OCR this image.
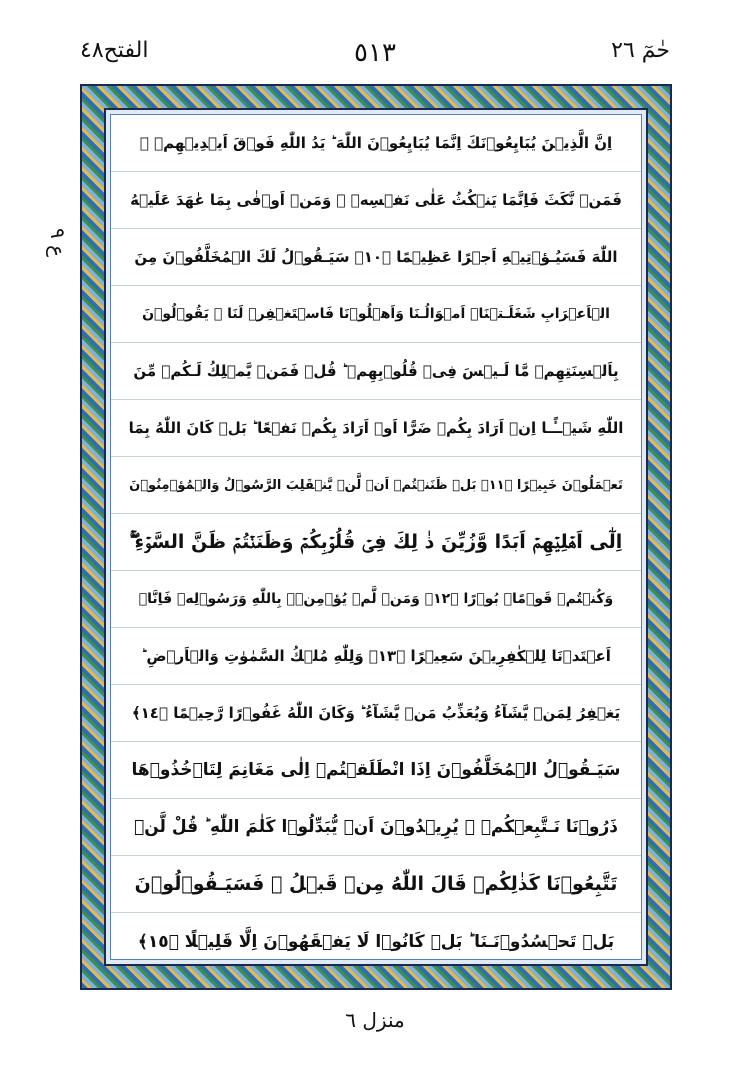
حٰمٓ ٢٦
٥١٣
الفتح٤٨
ع ٩
اِنَّ الَّذِيۡنَ يُبَايِعُوۡنَكَ اِنَّمَا يُبَايِعُوۡنَ اللّٰهَ ؕ يَدُ اللّٰهِ فَوۡقَ اَيۡدِيۡهِمۡ ۚ
فَمَنۡ نَّكَثَ فَاِنَّمَا يَنۡكُثُ عَلٰى نَفۡسِهٖ ۚ وَمَنۡ اَوۡفٰى بِمَا عٰهَدَ عَلَيۡهُ
اللّٰهَ فَسَيُـؤۡتِيۡهِ اَجۡرًا عَظِيۡمًا ﴿١٠﴾ سَيَـقُوۡلُ لَكَ الۡمُخَلَّفُوۡنَ مِنَ
الۡاَعۡرَابِ شَغَلَـتۡنَاۤ اَمۡوَالُـنَا وَاَهۡلُوۡنَا فَاسۡتَغۡفِرۡ لَنَا ۚ يَقُوۡلُوۡنَ
بِاَلۡسِنَتِهِمۡ مَّا لَـيۡسَ فِىۡ قُلُوۡبِهِمۡ ؕ قُلۡ فَمَنۡ يَّمۡلِكُ لَـكُمۡ مِّنَ
اللّٰهِ شَيۡــًٔـا اِنۡ اَرَادَ بِكُمۡ ضَرًّا اَوۡ اَرَادَ بِكُمۡ نَفۡعًا ؕ بَلۡ كَانَ اللّٰهُ بِمَا
تَعۡمَلُوۡنَ خَبِيۡرًا ﴿١١﴾ بَلۡ ظَنَنۡتُمۡ اَنۡ لَّنۡ يَّنۡقَلِبَ الرَّسُوۡلُ وَالۡمُؤۡمِنُوۡنَ
اِلٰٓى اَهۡلِيۡهِمۡ اَبَدًا وَّزُيِّنَ ذٰ لِكَ فِىۡ قُلُوۡبِكُمۡ وَظَنَنۡتُمۡ ظَنَّ السَّوۡءِ ۖۚ
وَكُنۡتُمۡ قَوۡمًاۢ بُوۡرًا ﴿١٢﴾ وَمَنۡ لَّمۡ يُؤۡمِنۡۢ بِاللّٰهِ وَرَسُوۡلِهٖ فَاِنَّاۤ
اَعۡتَدۡنَا لِلۡكٰفِرِيۡنَ سَعِيۡرًا ﴿١٣﴾ وَلِلّٰهِ مُلۡكُ السَّمٰوٰتِ وَالۡاَرۡضِ ؕ
يَغۡفِرُ لِمَنۡ يَّشَآءُ وَيُعَذِّبُ مَنۡ يَّشَآءُ ؕ وَكَانَ اللّٰهُ غَفُوۡرًا رَّحِيۡمًا ﴿١٤﴾
سَيَـقُوۡلُ الۡمُخَلَّفُوۡنَ اِذَا انْطَلَقۡتُمۡ اِلٰى مَغَانِمَ لِتَاۡخُذُوۡهَا
ذَرُوۡنَا نَـتَّبِعۡكُمۡ ۚ يُرِيۡدُوۡنَ اَنۡ يُّبَدِّلُوۡا كَلٰمَ اللّٰهِ ؕ قُلْ لَّنۡ
تَتَّبِعُوۡنَا كَذٰلِكُمۡ قَالَ اللّٰهُ مِنۡ قَبۡلُ ۚ فَسَيَـقُوۡلُوۡنَ
بَلۡ تَحۡسُدُوۡنَـنَا ؕ بَلۡ كَانُوۡا لَا يَفۡقَهُوۡنَ اِلَّا قَلِيۡلًا ﴿١٥﴾
منزل ٦
